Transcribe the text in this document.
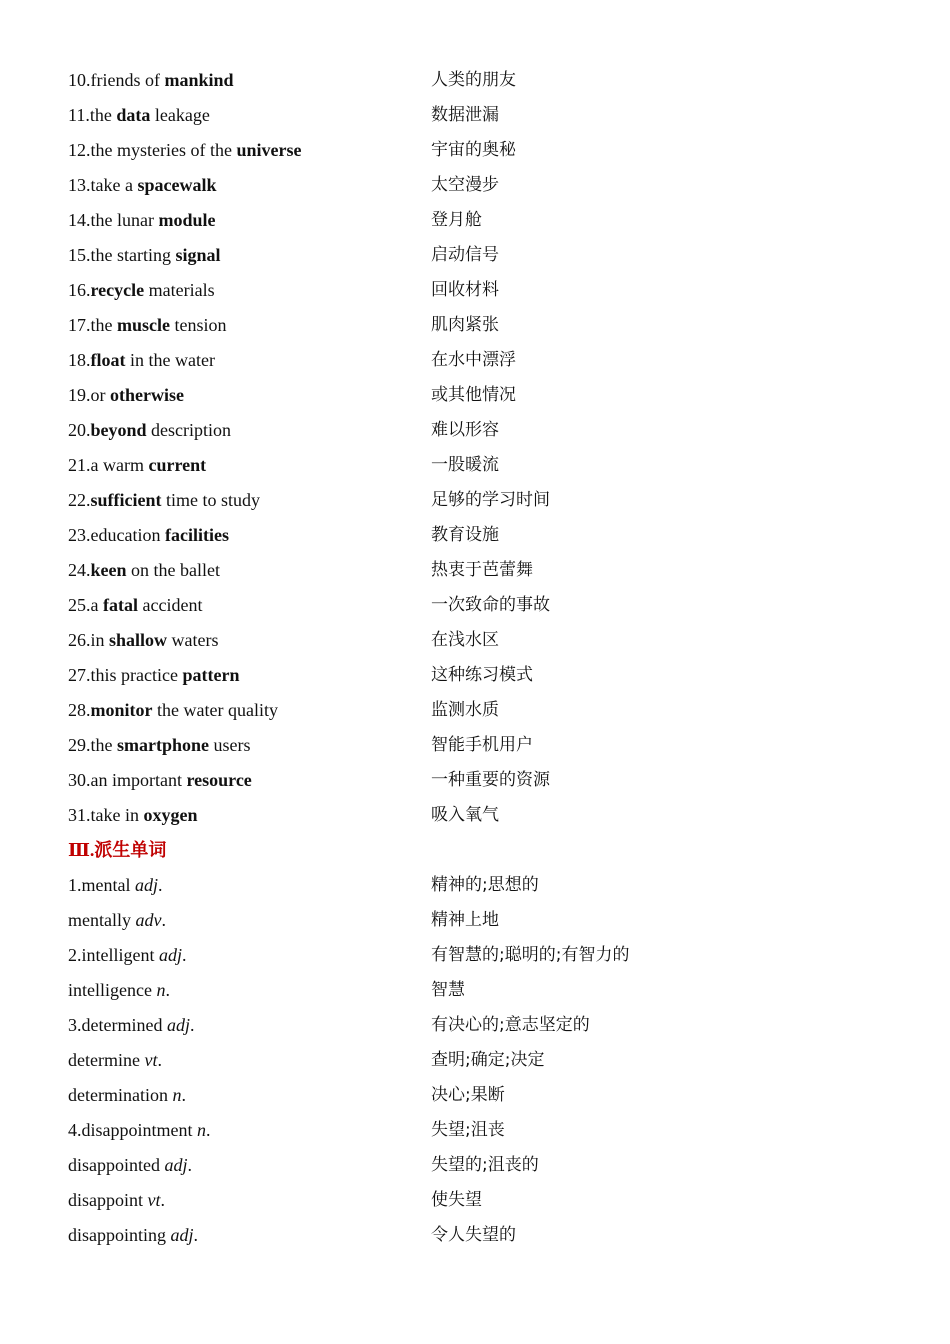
10.friends of mankind	人类的朋友
11.the data leakage	数据泄漏
12.the mysteries of the universe	宇宙的奥秘
13.take a spacewalk	太空漫步
14.the lunar module	登月舱
15.the starting signal	启动信号
16.recycle materials	回收材料
17.the muscle tension	肌肉紧张
18.float in the water	在水中漂浮
19.or otherwise	或其他情况
20.beyond description	难以形容
21.a warm current	一股暖流
22.sufficient time to study	足够的学习时间
23.education facilities	教育设施
24.keen on the ballet	热衷于芭蕾舞
25.a fatal accident	一次致命的事故
26.in shallow waters	在浅水区
27.this practice pattern	这种练习模式
28.monitor the water quality	监测水质
29.the smartphone users	智能手机用户
30.an important resource	一种重要的资源
31.take in oxygen	吸入氧气
Ⅲ.派生单词
1.mental adj.	精神的;思想的
mentally adv.	精神上地
2.intelligent adj.	有智慧的;聪明的;有智力的
intelligence n.	智慧
3.determined adj.	有决心的;意志坚定的
determine vt.	查明;确定;决定
determination n.	决心;果断
4.disappointment n.	失望;沮丧
disappointed adj.	失望的;沮丧的
disappoint vt.	使失望
disappointing adj.	令人失望的
